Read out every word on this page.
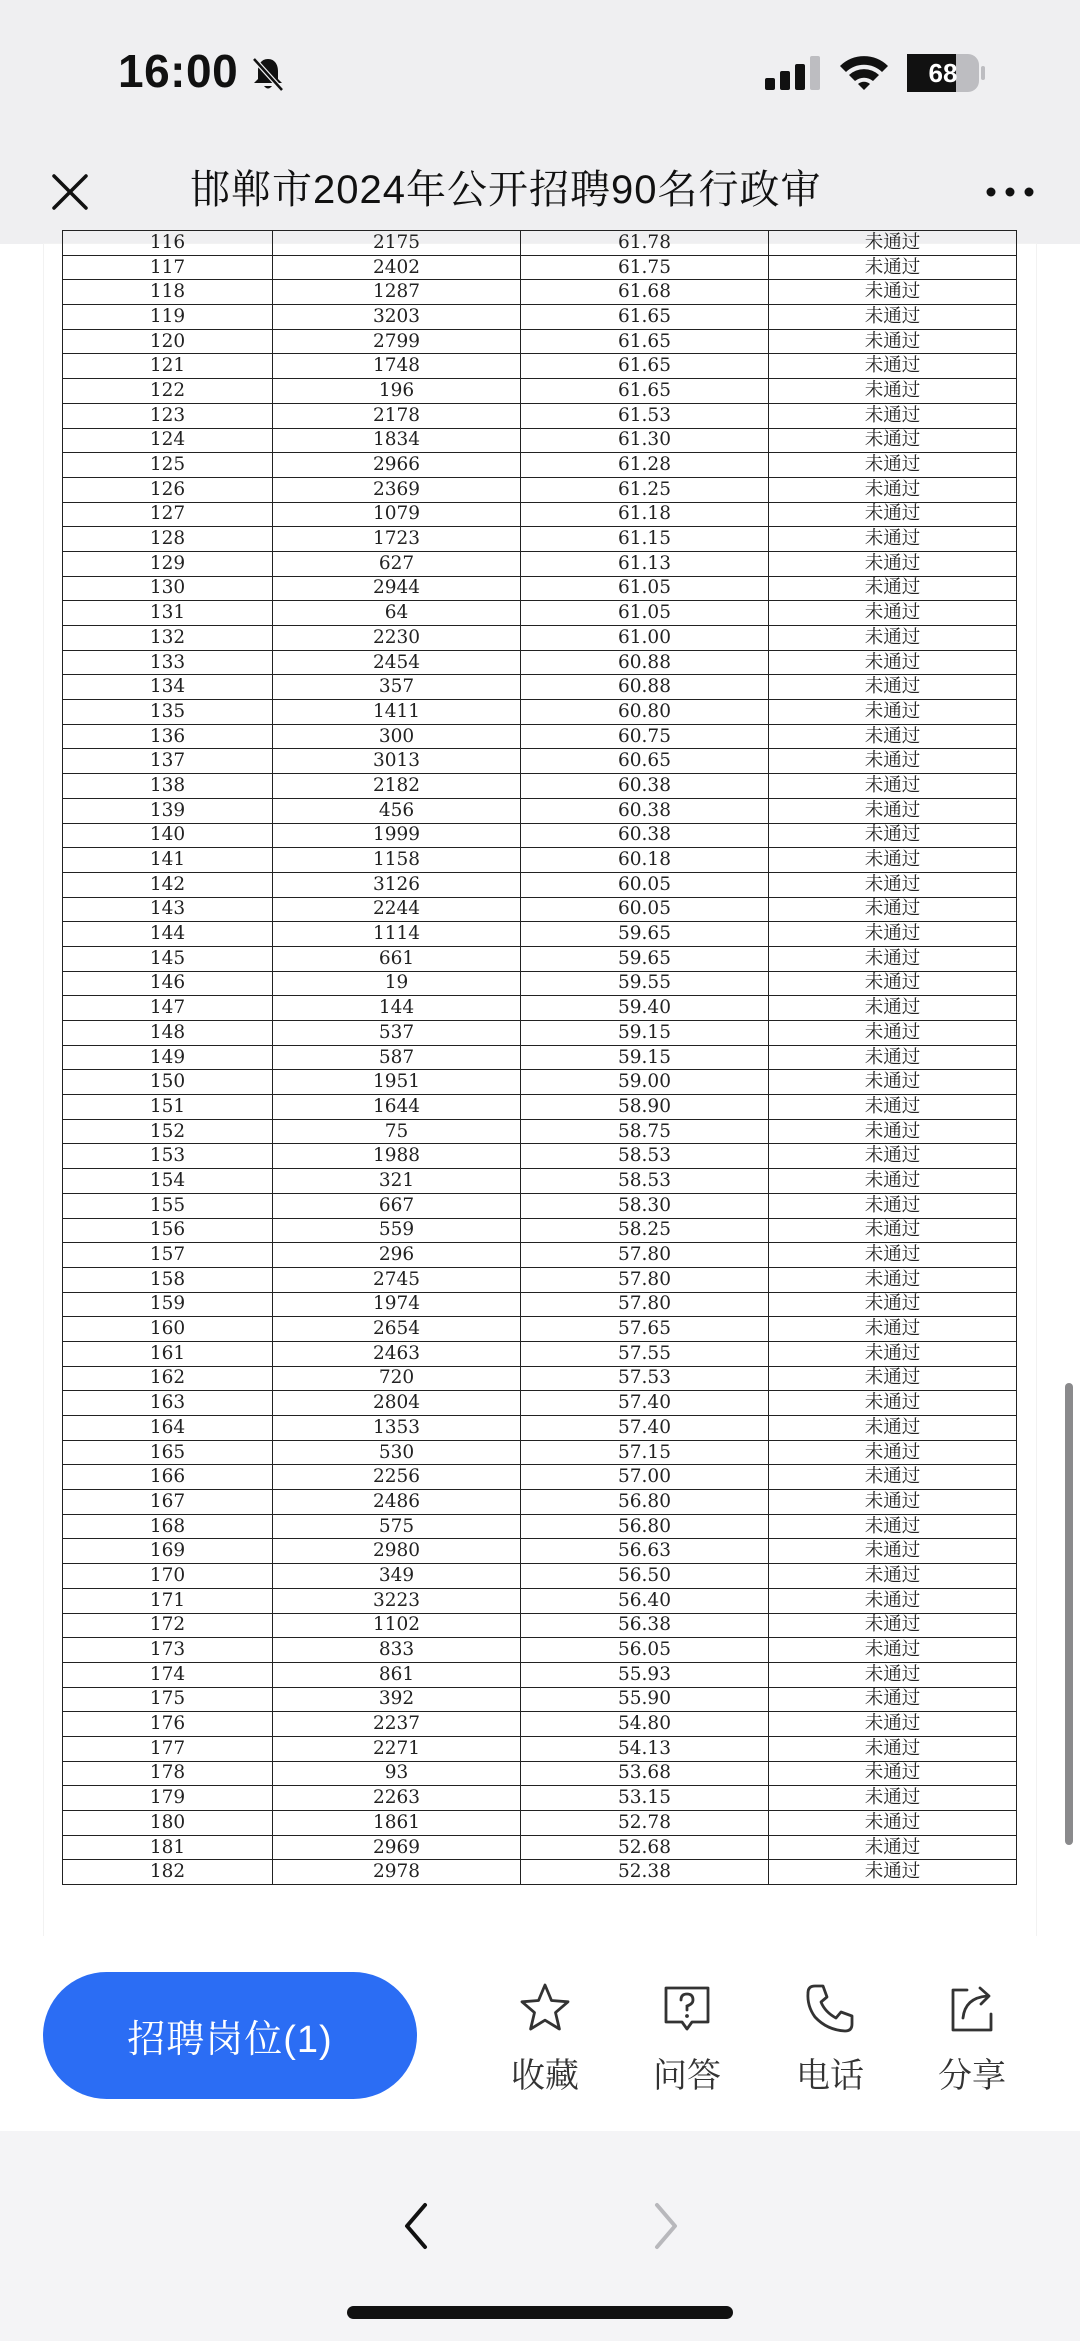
16:00	68
邯郸市2024年公开招聘90名行政审
116	2175	61.78	未通过
117	2402	61.75	未通过
118	1287	61.68	未通过
119	3203	61.65	未通过
120	2799	61.65	未通过
121	1748	61.65	未通过
122	196	61.65	未通过
123	2178	61.53	未通过
124	1834	61.30	未通过
125	2966	61.28	未通过
126	2369	61.25	未通过
127	1079	61.18	未通过
128	1723	61.15	未通过
129	627	61.13	未通过
130	2944	61.05	未通过
131	64	61.05	未通过
132	2230	61.00	未通过
133	2454	60.88	未通过
134	357	60.88	未通过
135	1411	60.80	未通过
136	300	60.75	未通过
137	3013	60.65	未通过
138	2182	60.38	未通过
139	456	60.38	未通过
140	1999	60.38	未通过
141	1158	60.18	未通过
142	3126	60.05	未通过
143	2244	60.05	未通过
144	1114	59.65	未通过
145	661	59.65	未通过
146	19	59.55	未通过
147	144	59.40	未通过
148	537	59.15	未通过
149	587	59.15	未通过
150	1951	59.00	未通过
151	1644	58.90	未通过
152	75	58.75	未通过
153	1988	58.53	未通过
154	321	58.53	未通过
155	667	58.30	未通过
156	559	58.25	未通过
157	296	57.80	未通过
158	2745	57.80	未通过
159	1974	57.80	未通过
160	2654	57.65	未通过
161	2463	57.55	未通过
162	720	57.53	未通过
163	2804	57.40	未通过
164	1353	57.40	未通过
165	530	57.15	未通过
166	2256	57.00	未通过
167	2486	56.80	未通过
168	575	56.80	未通过
169	2980	56.63	未通过
170	349	56.50	未通过
171	3223	56.40	未通过
172	1102	56.38	未通过
173	833	56.05	未通过
174	861	55.93	未通过
175	392	55.90	未通过
176	2237	54.80	未通过
177	2271	54.13	未通过
178	93	53.68	未通过
179	2263	53.15	未通过
180	1861	52.78	未通过
181	2969	52.68	未通过
182	2978	52.38	未通过
招聘岗位(1)
收藏	问答	电话	分享
